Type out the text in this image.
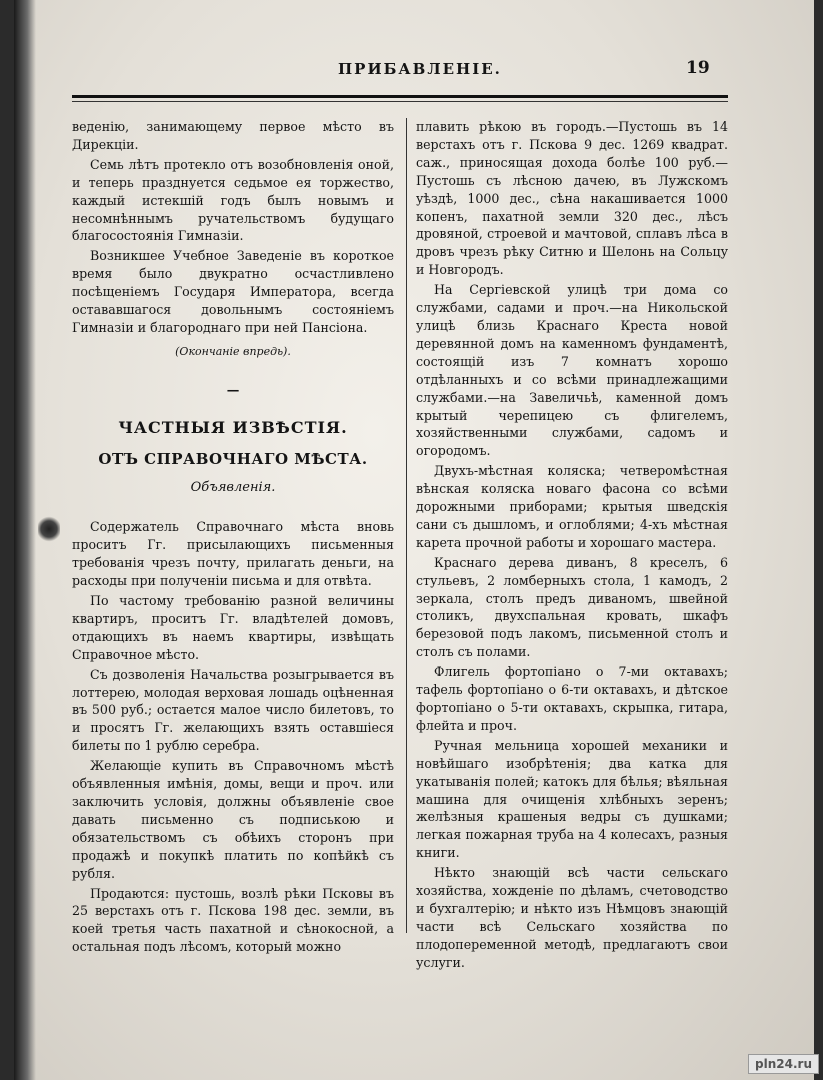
ПРИБАВЛЕНIЕ.	19

веденiю, занимающему первое мѣсто въ Дирекцiи.

Семь лѣтъ протекло отъ возобновленiя оной, и теперь празднуется седьмое ея торжество, каждый истекшiй годъ былъ новымъ и несомнѣннымъ ручательствомъ будущаго благосостоянiя Гимназiи.

Возникшее Учебное Заведенiе въ короткое время было двукратно осчастливлено посѣщенiемъ Государя Императора, всегда остававшагося довольнымъ состоянiемъ Гимназiи и благороднаго при ней Пансiона.

(Окончанiе впредь).

—

ЧАСТНЫЯ ИЗВѢСТIЯ.

ОТЪ СПРАВОЧНАГО МѢСТА.

Объявленiя.

Содержатель Справочнаго мѣста вновь проситъ Гг. присылающихъ письменныя требованiя чрезъ почту, прилагать деньги, на расходы при полученiи письма и для отвѣта.

По частому требованiю разной величины квартиръ, проситъ Гг. владѣтелей домовъ, отдающихъ въ наемъ квартиры, извѣщать Справочное мѣсто.

Съ дозволенiя Начальства розыгрывается въ лоттерею, молодая верховая лошадь оцѣненная въ 500 руб.; остается малое число билетовъ, то и просятъ Гг. желающихъ взять оставшiеся билеты по 1 рублю серебра.

Желающiе купить въ Справочномъ мѣстѣ объявленныя имѣнiя, домы, вещи и проч. или заключить условiя, должны объявленiе свое давать письменно съ подпиською и обязательствомъ съ обѣихъ сторонъ при продажѣ и покупкѣ платить по копѣйкѣ съ рубля.

Продаются: пустошь, возлѣ рѣки Псковы въ 25 верстахъ отъ г. Пскова 198 дес. земли, въ коей третья часть пахатной и сѣнокосной, а остальная подъ лѣсомъ, который можно

плавить рѣкою въ городъ.—Пустошь въ 14 верстахъ отъ г. Пскова 9 дес. 1269 квадрат. саж., приносящая дохода болѣе 100 руб.—Пустошь съ лѣсною дачею, въ Лужскомъ уѣздѣ, 1000 дес., сѣна накашивается 1000 копенъ, пахатной земли 320 дес., лѣсъ дровяной, строевой и мачтовой, сплавъ лѣса в дровъ чрезъ рѣку Ситню и Шелонь на Сольцу и Новгородъ.

На Сергiевской улицѣ три дома со службами, садами и проч.—на Никольской улицѣ близь Краснаго Креста новой деревянной домъ на каменномъ фундаментѣ, состоящiй изъ 7 комнатъ хорошо отдѣланныхъ и со всѣми принадлежащими службами.—на Завеличьѣ, каменной домъ крытый черепицею съ флигелемъ, хозяйственными службами, садомъ и огородомъ.

Двухъ-мѣстная коляска; четверомѣстная вѣнская коляска новаго фасона со всѣми дорожными приборами; крытыя шведскiя сани съ дышломъ, и оглоблями; 4-хъ мѣстная карета прочной работы и хорошаго мастера.

Краснаго дерева диванъ, 8 креселъ, 6 стульевъ, 2 ломберныхъ стола, 1 камодъ, 2 зеркала, столъ предъ диваномъ, швейной столикъ, двухспальная кровать, шкафъ березовой подъ лакомъ, письменной столъ и столъ съ полами.

Флигель фортопiано о 7-ми октавахъ; тафель фортопiано о 6-ти октавахъ, и дѣтское фортопiано о 5-ти октавахъ, скрыпка, гитара, флейта и проч.

Ручная мельница хорошей механики и новѣйшаго изобрѣтенiя; два катка для укатыванiя полей; катокъ для бѣлья; вѣяльная машина для очищенiя хлѣбныхъ зеренъ; желѣзныя крашеныя ведры съ душками; легкая пожарная труба на 4 колесахъ, разныя книги.

Нѣкто знающiй всѣ части сельскаго хозяйства, хожденiе по дѣламъ, счетоводство и бухгалтерiю; и нѣкто изъ Нѣмцовъ знающiй части всѣ Сельскаго хозяйства по плодопеременной методѣ, предлагаютъ свои услуги.

pln24.ru
